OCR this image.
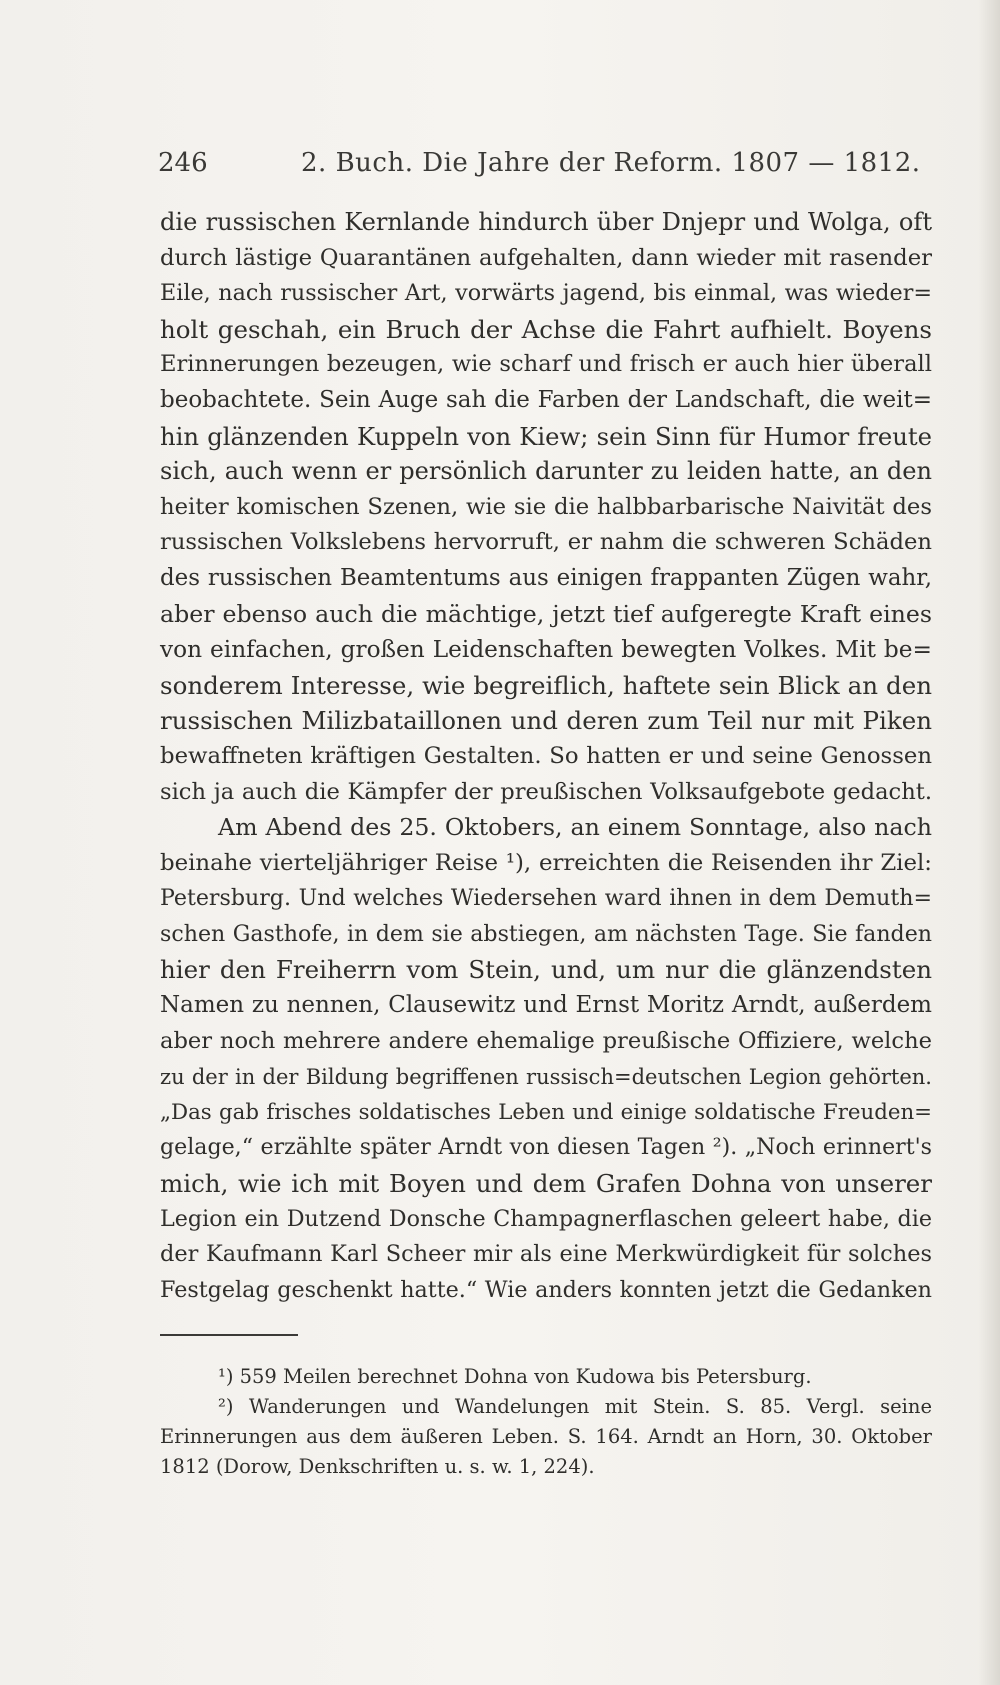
246	2. Buch. Die Jahre der Reform. 1807 — 1812.
die russischen Kernlande hindurch über Dnjepr und Wolga, oft
durch lästige Quarantänen aufgehalten, dann wieder mit rasender
Eile, nach russischer Art, vorwärts jagend, bis einmal, was wieder=
holt geschah, ein Bruch der Achse die Fahrt aufhielt. Boyens
Erinnerungen bezeugen, wie scharf und frisch er auch hier überall
beobachtete. Sein Auge sah die Farben der Landschaft, die weit=
hin glänzenden Kuppeln von Kiew; sein Sinn für Humor freute
sich, auch wenn er persönlich darunter zu leiden hatte, an den
heiter komischen Szenen, wie sie die halbbarbarische Naivität des
russischen Volkslebens hervorruft, er nahm die schweren Schäden
des russischen Beamtentums aus einigen frappanten Zügen wahr,
aber ebenso auch die mächtige, jetzt tief aufgeregte Kraft eines
von einfachen, großen Leidenschaften bewegten Volkes. Mit be=
sonderem Interesse, wie begreiflich, haftete sein Blick an den
russischen Milizbataillonen und deren zum Teil nur mit Piken
bewaffneten kräftigen Gestalten. So hatten er und seine Genossen
sich ja auch die Kämpfer der preußischen Volksaufgebote gedacht.
Am Abend des 25. Oktobers, an einem Sonntage, also nach
beinahe vierteljähriger Reise ¹), erreichten die Reisenden ihr Ziel:
Petersburg. Und welches Wiedersehen ward ihnen in dem Demuth=
schen Gasthofe, in dem sie abstiegen, am nächsten Tage. Sie fanden
hier den Freiherrn vom Stein, und, um nur die glänzendsten
Namen zu nennen, Clausewitz und Ernst Moritz Arndt, außerdem
aber noch mehrere andere ehemalige preußische Offiziere, welche
zu der in der Bildung begriffenen russisch=deutschen Legion gehörten.
„Das gab frisches soldatisches Leben und einige soldatische Freuden=
gelage,“ erzählte später Arndt von diesen Tagen ²). „Noch erinnert's
mich, wie ich mit Boyen und dem Grafen Dohna von unserer
Legion ein Dutzend Donsche Champagnerflaschen geleert habe, die
der Kaufmann Karl Scheer mir als eine Merkwürdigkeit für solches
Festgelag geschenkt hatte.“ Wie anders konnten jetzt die Gedanken
¹) 559 Meilen berechnet Dohna von Kudowa bis Petersburg.
²) Wanderungen und Wandelungen mit Stein. S. 85. Vergl. seine
Erinnerungen aus dem äußeren Leben. S. 164. Arndt an Horn, 30. Oktober
1812 (Dorow, Denkschriften u. s. w. 1, 224).
